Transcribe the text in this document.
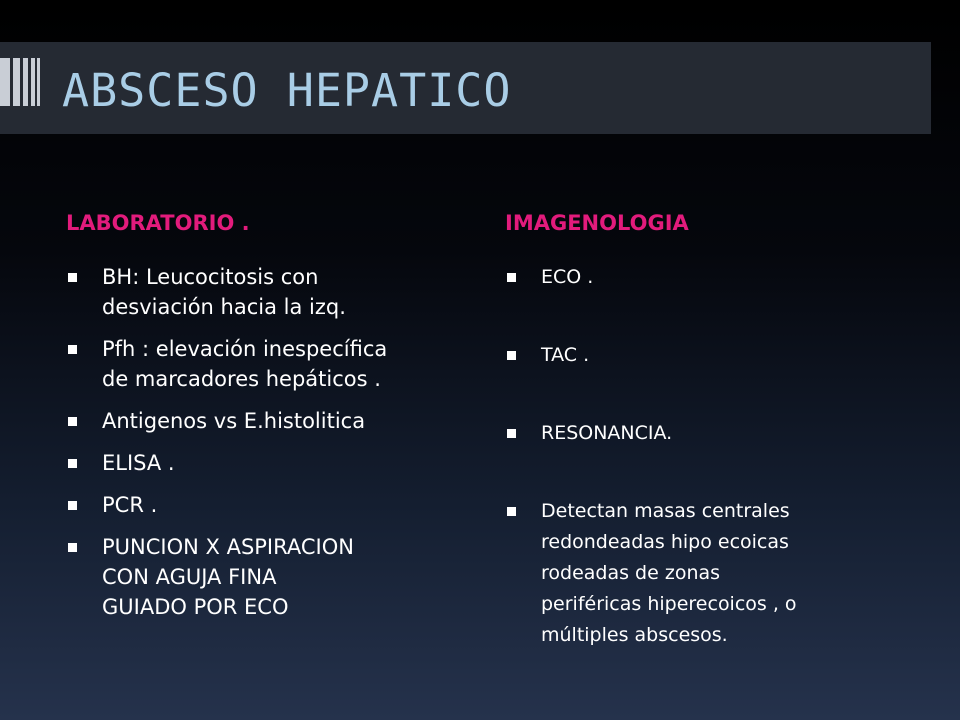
ABSCESO HEPATICO
LABORATORIO .	IMAGENOLOGIA
BH: Leucocitosis con
desviación hacia la izq.
Pfh : elevación inespecífica
de marcadores hepáticos .
Antigenos vs E.histolitica
ELISA .
PCR .
PUNCION X ASPIRACION
CON AGUJA FINA
GUIADO POR ECO
ECO .
TAC .
RESONANCIA.
Detectan masas centrales
redondeadas hipo ecoicas
rodeadas de zonas
periféricas hiperecoicos , o
múltiples abscesos.
